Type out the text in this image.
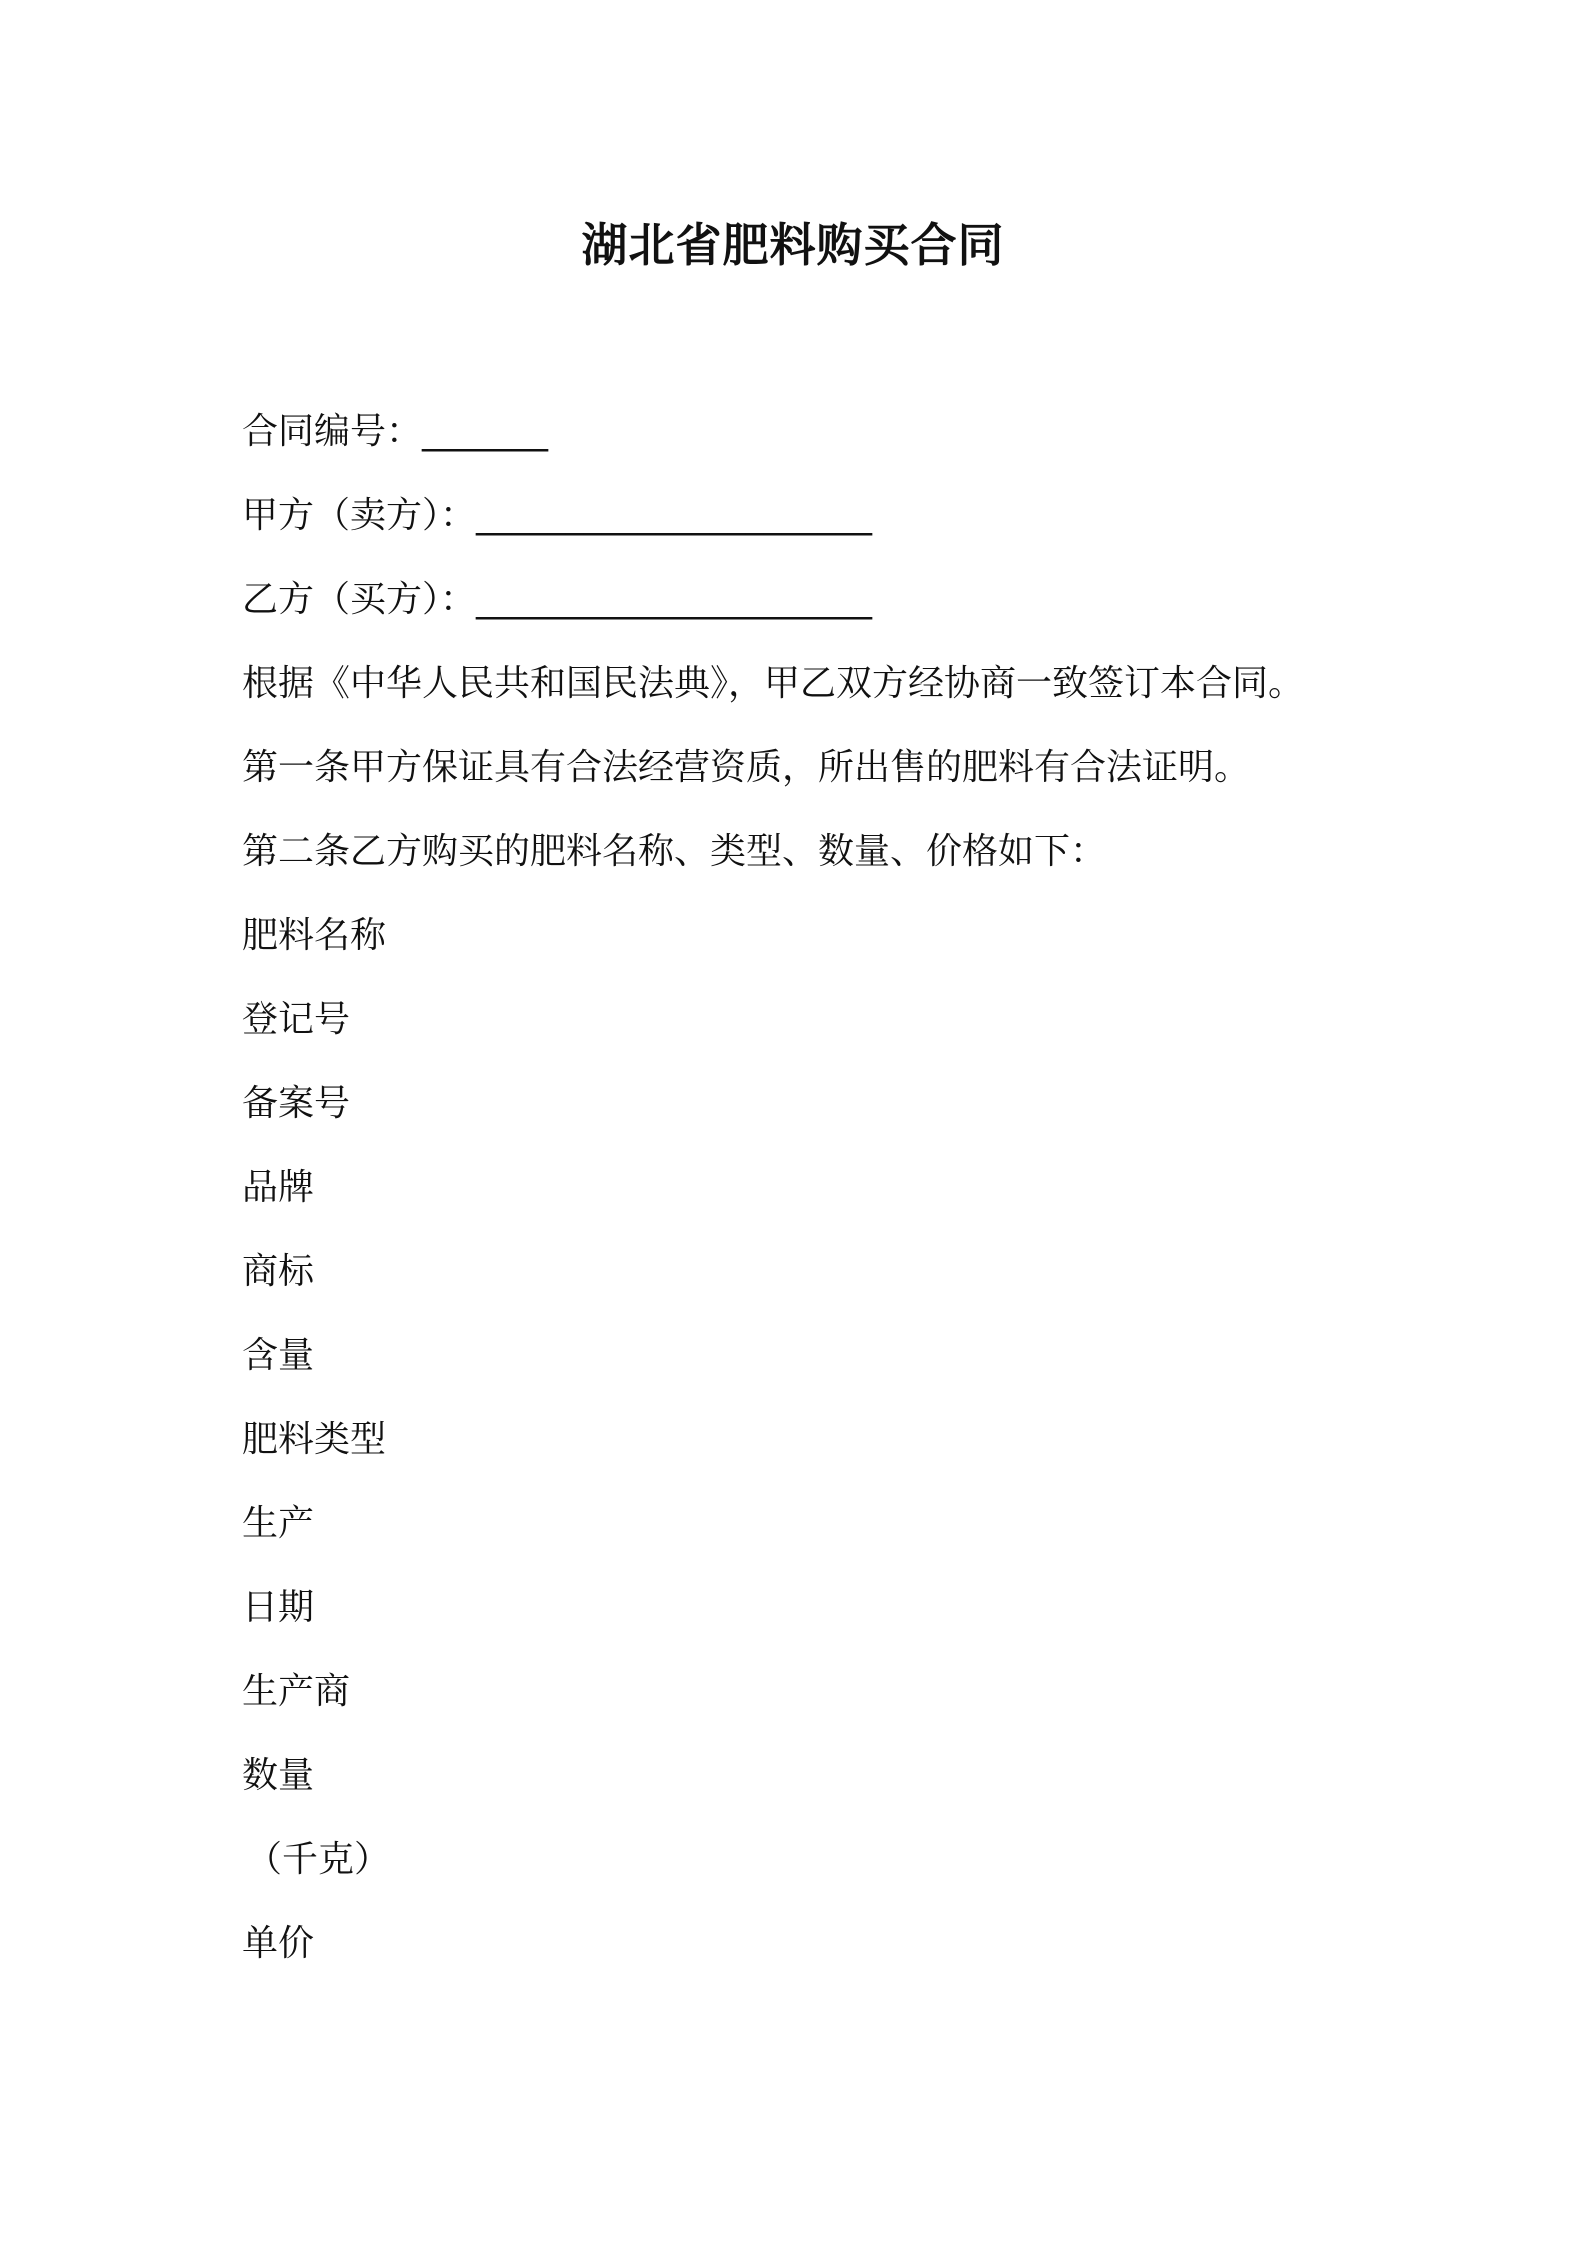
湖北省肥料购买合同
合同编号：_______
甲方（卖方）：______________________
乙方（买方）：______________________
根据《中华人民共和国民法典》，甲乙双方经协商一致签订本合同。
第一条甲方保证具有合法经营资质，所出售的肥料有合法证明。
第二条乙方购买的肥料名称、类型、数量、价格如下：
肥料名称
登记号
备案号
品牌
商标
含量
肥料类型
生产
日期
生产商
数量
（千克）
单价
